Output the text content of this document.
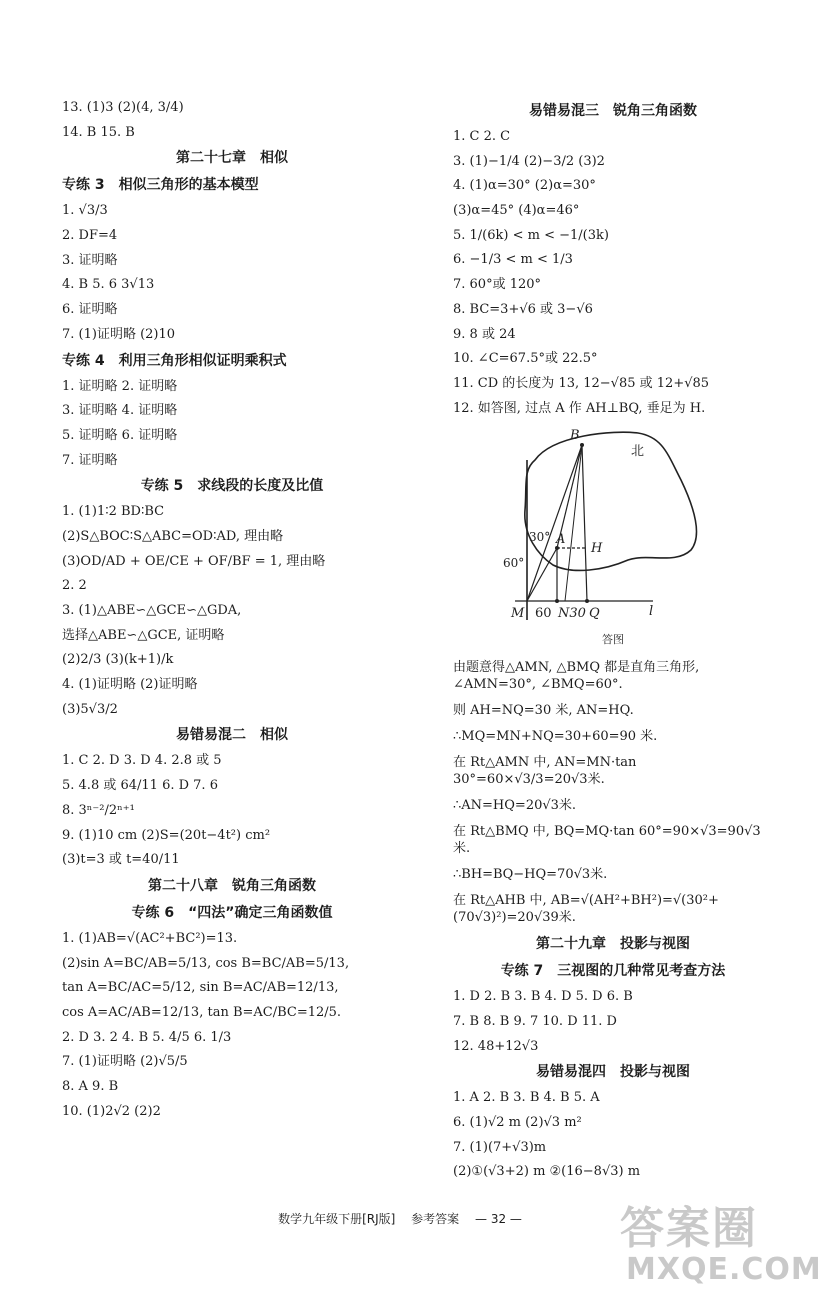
13. (1)3 (2)(4, 3/4)
14. B 15. B
第二十七章　相似
专练 3　相似三角形的基本模型
1. √3/3
2. DF=4
3. 证明略
4. B 5. 6 3√13
6. 证明略
7. (1)证明略 (2)10
专练 4　利用三角形相似证明乘积式
1. 证明略 2. 证明略
3. 证明略 4. 证明略
5. 证明略 6. 证明略
7. 证明略
专练 5　求线段的长度及比值
1. (1)1∶2 BD∶BC
(2)S△BOC∶S△ABC=OD∶AD, 理由略
(3)OD/AD + OE/CE + OF/BF = 1, 理由略
2. 2
3. (1)△ABE∽△GCE∽△GDA,
选择△ABE∽△GCE, 证明略
(2)2/3 (3)(k+1)/k
4. (1)证明略 (2)证明略
(3)5√3/2
易错易混二　相似
1. C 2. D 3. D 4. 2.8 或 5
5. 4.8 或 64/11 6. D 7. 6
8. 3ⁿ⁻²/2ⁿ⁺¹
9. (1)10 cm (2)S=(20t−4t²) cm²
(3)t=3 或 t=40/11
第二十八章　锐角三角函数
专练 6　“四法”确定三角函数值
1. (1)AB=√(AC²+BC²)=13.
(2)sin A=BC/AB=5/13, cos B=BC/AB=5/13,
tan A=BC/AC=5/12, sin B=AC/AB=12/13,
cos A=AC/AB=12/13, tan B=AC/BC=12/5.
2. D 3. 2 4. B 5. 4/5 6. 1/3
7. (1)证明略 (2)√5/5
8. A 9. B
10. (1)2√2 (2)2
易错易混三　锐角三角函数
1. C 2. C
3. (1)−1/4 (2)−3/2 (3)2
4. (1)α=30° (2)α=30°
(3)α=45° (4)α=46°
5. 1/(6k) < m < −1/(3k)
6. −1/3 < m < 1/3
7. 60°或 120°
8. BC=3+√6 或 3−√6
9. 8 或 24
10. ∠C=67.5°或 22.5°
11. CD 的长度为 13, 12−√85 或 12+√85
12. 如答图, 过点 A 作 AH⊥BQ, 垂足为 H.
B
北
30° A
H
60°
M 60 N30 Q	l
答图
由题意得△AMN, △BMQ 都是直角三角形, ∠AMN=30°, ∠BMQ=60°.
则 AH=NQ=30 米, AN=HQ.
∴MQ=MN+NQ=30+60=90 米.
在 Rt△AMN 中, AN=MN·tan 30°=60×√3/3=20√3米.
∴AN=HQ=20√3米.
在 Rt△BMQ 中, BQ=MQ·tan 60°=90×√3=90√3米.
∴BH=BQ−HQ=70√3米.
在 Rt△AHB 中, AB=√(AH²+BH²)=√(30²+(70√3)²)=20√39米.
第二十九章　投影与视图
专练 7　三视图的几种常见考查方法
1. D 2. B 3. B 4. D 5. D 6. B
7. B 8. B 9. 7 10. D 11. D
12. 48+12√3
易错易混四　投影与视图
1. A 2. B 3. B 4. B 5. A
6. (1)√2 m (2)√3 m²
7. (1)(7+√3)m
(2)①(√3+2) m ②(16−8√3) m
数学九年级下册[RJ版] 参考答案 — 32 —	答案圈
MXQE.COM
